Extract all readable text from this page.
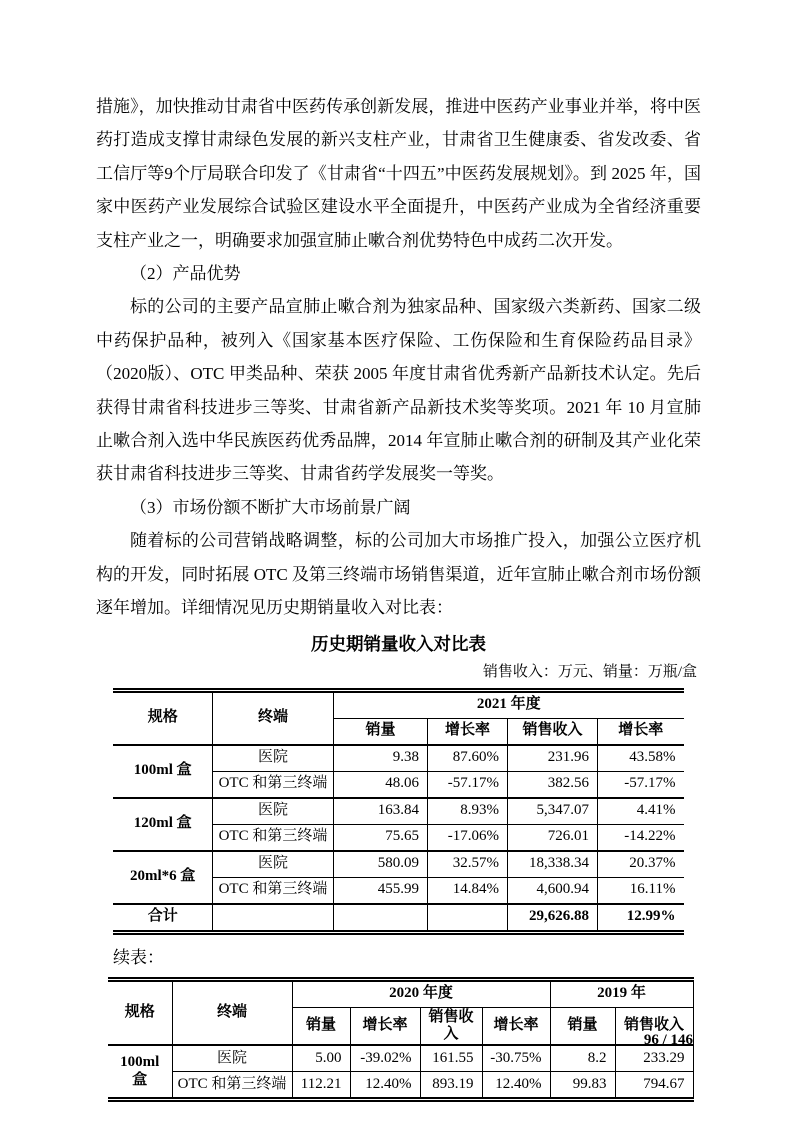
措施》，加快推动甘肃省中医药传承创新发展，推进中医药产业事业并举，将中医药打造成支撑甘肃绿色发展的新兴支柱产业，甘肃省卫生健康委、省发改委、省工信厅等9个厅局联合印发了《甘肃省“十四五”中医药发展规划》。到 2025 年，国家中医药产业发展综合试验区建设水平全面提升，中医药产业成为全省经济重要支柱产业之一，明确要求加强宣肺止嗽合剂优势特色中成药二次开发。

（2）产品优势

标的公司的主要产品宣肺止嗽合剂为独家品种、国家级六类新药、国家二级中药保护品种，被列入《国家基本医疗保险、工伤保险和生育保险药品目录》（2020版）、OTC 甲类品种、荣获 2005 年度甘肃省优秀新产品新技术认定。先后获得甘肃省科技进步三等奖、甘肃省新产品新技术奖等奖项。2021 年 10 月宣肺止嗽合剂入选中华民族医药优秀品牌，2014 年宣肺止嗽合剂的研制及其产业化荣获甘肃省科技进步三等奖、甘肃省药学发展奖一等奖。

（3）市场份额不断扩大市场前景广阔

随着标的公司营销战略调整，标的公司加大市场推广投入，加强公立医疗机构的开发，同时拓展 OTC 及第三终端市场销售渠道，近年宣肺止嗽合剂市场份额逐年增加。详细情况见历史期销量收入对比表：

历史期销量收入对比表
销售收入：万元、销量：万瓶/盒
规格	终端	2021 年度			
		销量	增长率	销售收入	增长率
100ml 盒	医院	9.38	87.60%	231.96	43.58%
	OTC 和第三终端	48.06	-57.17%	382.56	-57.17%
120ml 盒	医院	163.84	8.93%	5,347.07	4.41%
	OTC 和第三终端	75.65	-17.06%	726.01	-14.22%
20ml*6 盒	医院	580.09	32.57%	18,338.34	20.37%
	OTC 和第三终端	455.99	14.84%	4,600.94	16.11%
合计				29,626.88	12.99%
续表：
规格	终端	2020 年度				2019 年	
		销量	增长率	销售收入	增长率	销量	销售收入
100ml 盒	医院	5.00	-39.02%	161.55	-30.75%	8.2	233.29
	OTC 和第三终端	112.21	12.40%	893.19	12.40%	99.83	794.67
96 / 146
